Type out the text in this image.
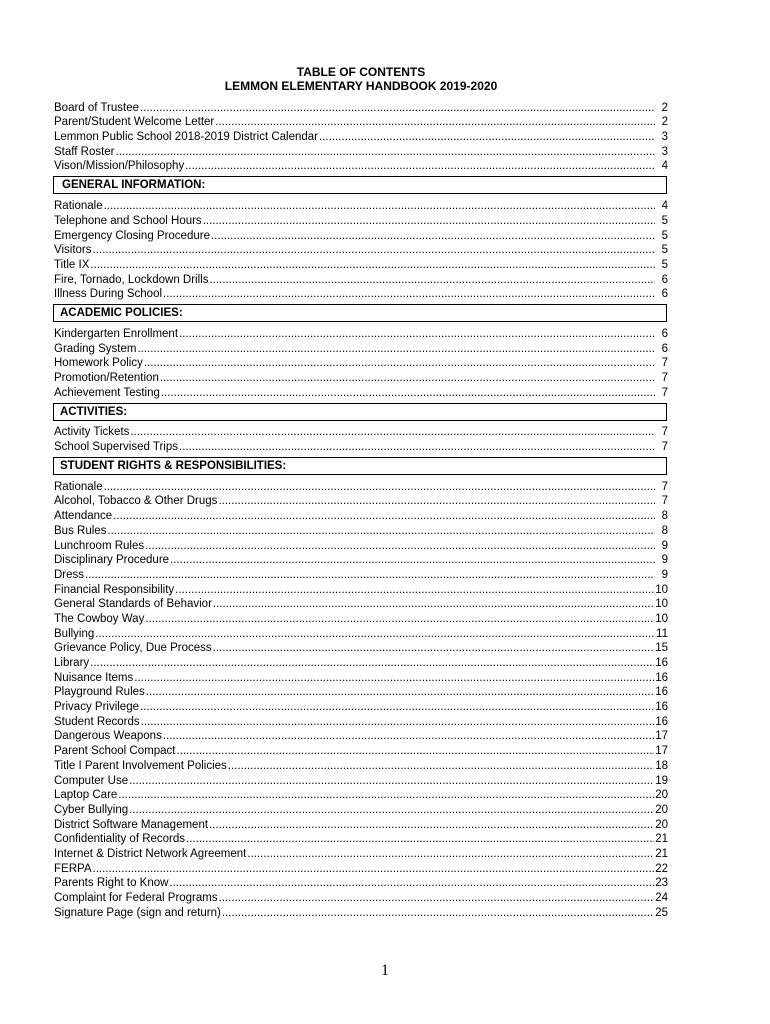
TABLE OF CONTENTS
LEMMON ELEMENTARY HANDBOOK 2019-2020
Board of Trustee .....	2
Parent/Student Welcome Letter .....	2
Lemmon Public School 2018-2019 District Calendar .....	3
Staff Roster .....	3
Vison/Mission/Philosophy .....	4
GENERAL INFORMATION:
Rationale .....	4
Telephone and School Hours .....	5
Emergency Closing Procedure .....	5
Visitors .....	5
Title IX .....	5
Fire, Tornado, Lockdown Drills .....	6
Illness During School .....	6
ACADEMIC POLICIES:
Kindergarten Enrollment .....	6
Grading System .....	6
Homework Policy .....	7
Promotion/Retention .....	7
Achievement Testing .....	7
ACTIVITIES:
Activity Tickets .....	7
School Supervised Trips .....	7
STUDENT RIGHTS & RESPONSIBILITIES:
Rationale .....	7
Alcohol, Tobacco & Other Drugs .....	7
Attendance .....	8
Bus Rules .....	8
Lunchroom Rules .....	9
Disciplinary Procedure .....	9
Dress .....	9
Financial Responsibility .....	10
General Standards of Behavior .....	10
The Cowboy Way .....	10
Bullying .....	11
Grievance Policy, Due Process .....	15
Library .....	16
Nuisance Items .....	16
Playground Rules .....	16
Privacy Privilege .....	16
Student Records .....	16
Dangerous Weapons .....	17
Parent School Compact .....	17
Title I Parent Involvement Policies .....	18
Computer Use .....	19
Laptop Care .....	20
Cyber Bullying .....	20
District Software Management .....	20
Confidentiality of Records .....	21
Internet & District Network Agreement .....	21
FERPA .....	22
Parents Right to Know .....	23
Complaint for Federal Programs .....	24
Signature Page (sign and return) .....	25
1
